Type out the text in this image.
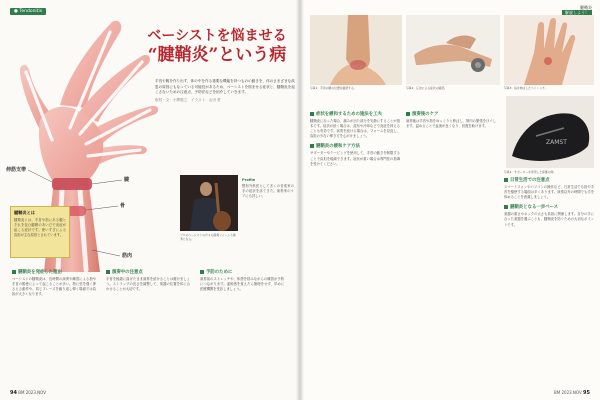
● Tendonitis
伸筋支帯
腱
骨
筋肉
ベーシストを悩ませる
“腱鞘炎”という病

手首や腕を作り出す、体の中を作る重要な機能を持つものの動きを、体のさまざまな疾患の原因にもなっている可能性があるため、ベーシストを悩ませる症状と、腱鞘炎を起こさないための注意点、予防法などを紹介していきます。

取材・文：小関敬之　イラスト：山田 哲

腱鞘炎とは

腱鞘炎とは、手首や指にある腱とそれを包む腱鞘のあいだで炎症が起こる症状です。使いすぎによる負担が主な原因とされています。	プロのベーシストの方々の演奏フォームも参考になる。

Profile

整形外科医として多くの音楽家の手の症状を診てきた。演奏家のケアにも詳しい。

腱鞘炎を発症した理由

ベーシストの腱鞘炎は、長時間の演奏や練習による指や手首の酷使によって起こることが多い。特に弦を強く押さえる動作や、同じフレーズを繰り返し弾く場面では負担が大きくなります。

演奏中の注意点

手首を極端に曲げたまま演奏を続けることは避けましょう。ストラップの長さを調整して、楽器の位置を体に合わせることが大切です。

予防のために

演奏前のストレッチや、休憩を挟みながらの練習が予防につながります。違和感を覚えたら無理をせず、早めに医療機関を受診しましょう。

94 BM 2023.NOV
腱鞘炎
解説しよう！

写真1：手首の腱の位置を確認する。	写真2：圧迫による症状の確認。	写真3：指を伸ばしたストレッチ。

症状を緩和するための施法を工夫

腱鞘炎になった場合、痛みが出た部分を安静にすることが基本です。症状が続く場合は、湿布や冷却などで炎症を抑えることも有効です。演奏を続ける場合は、フォームを見直し、負担の少ない弾き方を心がけましょう。

腱鞘炎の緩和ケア方法

サポーターやテーピングを使用して、手首の動きを制限することで負担を軽減できます。症状が重い場合は専門医の指導を受けてください。

演奏後のケア

演奏後は手首や指をゆっくりと伸ばし、筋肉の緊張をほぐします。温めることで血流が良くなり、回復を助けます。

ZAMST

写真4：サポーターを使用した保護の例。

日常生活での注意点

スマートフォンやパソコンの操作など、日常生活でも指や手首を酷使する場面は多くあります。演奏以外の時間でも手を休めることを意識しましょう。

腱鞘炎となる一歩ベース

楽器の重さやネックの太さも負担に関係します。自分の手に合った楽器を選ぶことも、腱鞘炎を防ぐための大切なポイントです。

BM 2023.NOV 95
